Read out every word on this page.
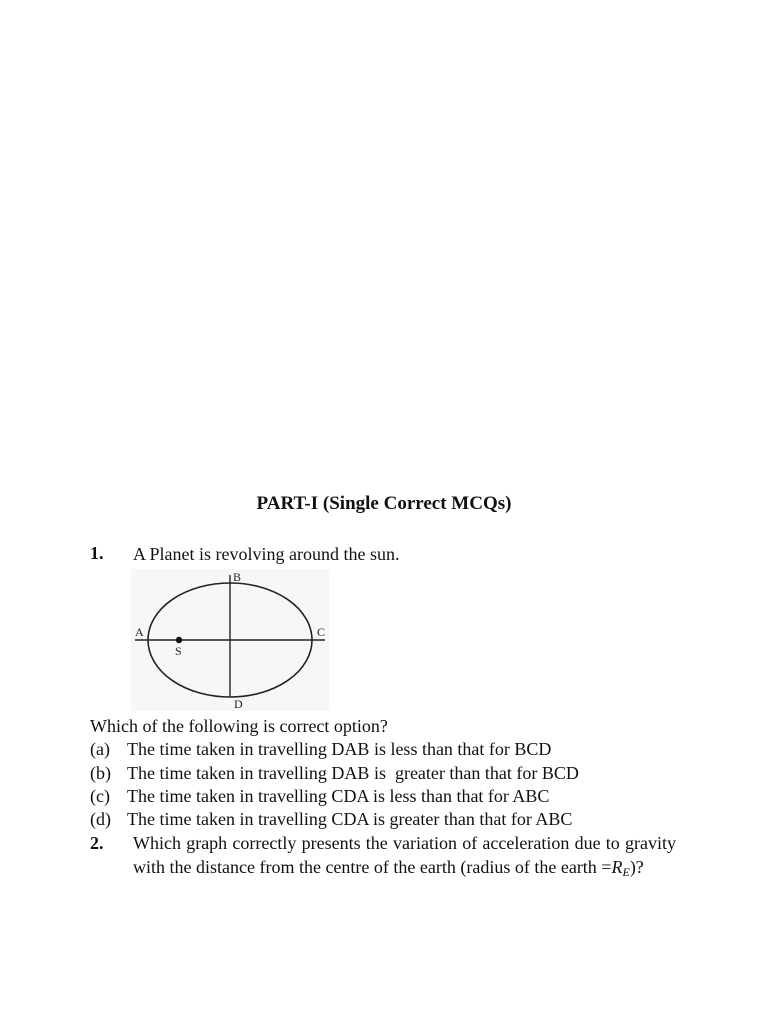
PART-I (Single Correct MCQs)
1. A Planet is revolving around the sun.
A
B
C
D
S
Which of the following is correct option?
(a) The time taken in travelling DAB is less than that for BCD
(b) The time taken in travelling DAB is  greater than that for BCD
(c) The time taken in travelling CDA is less than that for ABC
(d) The time taken in travelling CDA is greater than that for ABC
2. Which graph correctly presents the variation of acceleration due to gravity with the distance from the centre of the earth (radius of the earth $=R_E$)?
